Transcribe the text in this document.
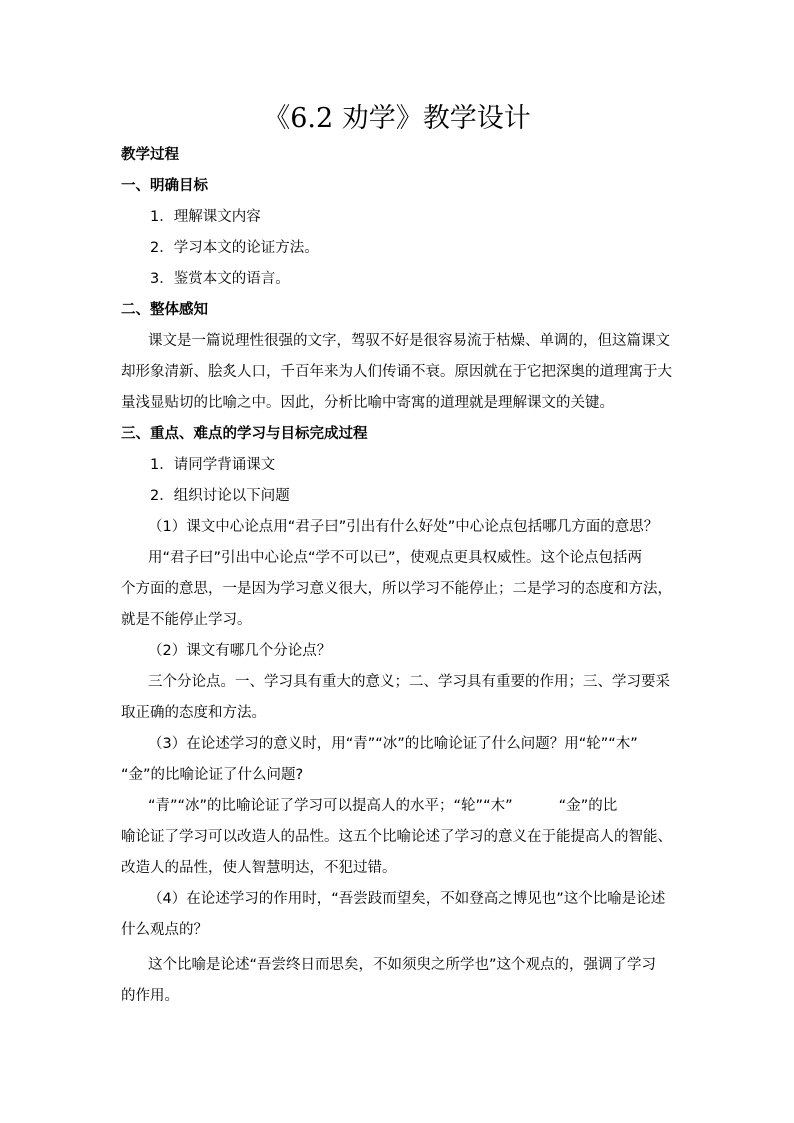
《6.2 劝学》教学设计
教学过程
一、明确目标
1．理解课文内容
2．学习本文的论证方法。
3．鉴赏本文的语言。
二、整体感知
课文是一篇说理性很强的文字，驾驭不好是很容易流于枯燥、单调的，但这篇课文
却形象清新、脍炙人口，千百年来为人们传诵不衰。原因就在于它把深奥的道理寓于大
量浅显贴切的比喻之中。因此，分析比喻中寄寓的道理就是理解课文的关键。
三、重点、难点的学习与目标完成过程
1．请同学背诵课文
2．组织讨论以下问题
（1）课文中心论点用“君子曰”引出有什么好处”中心论点包括哪几方面的意思？
用“君子曰”引出中心论点“学不可以已”，使观点更具权威性。这个论点包括两
个方面的意思，一是因为学习意义很大，所以学习不能停止；二是学习的态度和方法，
就是不能停止学习。
（2）课文有哪几个分论点？
三个分论点。一、学习具有重大的意义；二、学习具有重要的作用；三、学习要采
取正确的态度和方法。
（3）在论述学习的意义时，用“青”“冰”的比喻论证了什么问题？用“轮”“木”
“金”的比喻论证了什么问题?
“青”“冰”的比喻论证了学习可以提高人的水平；“轮”“木”          “金”的比
喻论证了学习可以改造人的品性。这五个比喻论述了学习的意义在于能提高人的智能、
改造人的品性，使人智慧明达，不犯过错。
（4）在论述学习的作用时，“吾尝跂而望矣，不如登高之博见也”这个比喻是论述
什么观点的？
这个比喻是论述“吾尝终日而思矣，不如须臾之所学也”这个观点的，强调了学习
的作用。
